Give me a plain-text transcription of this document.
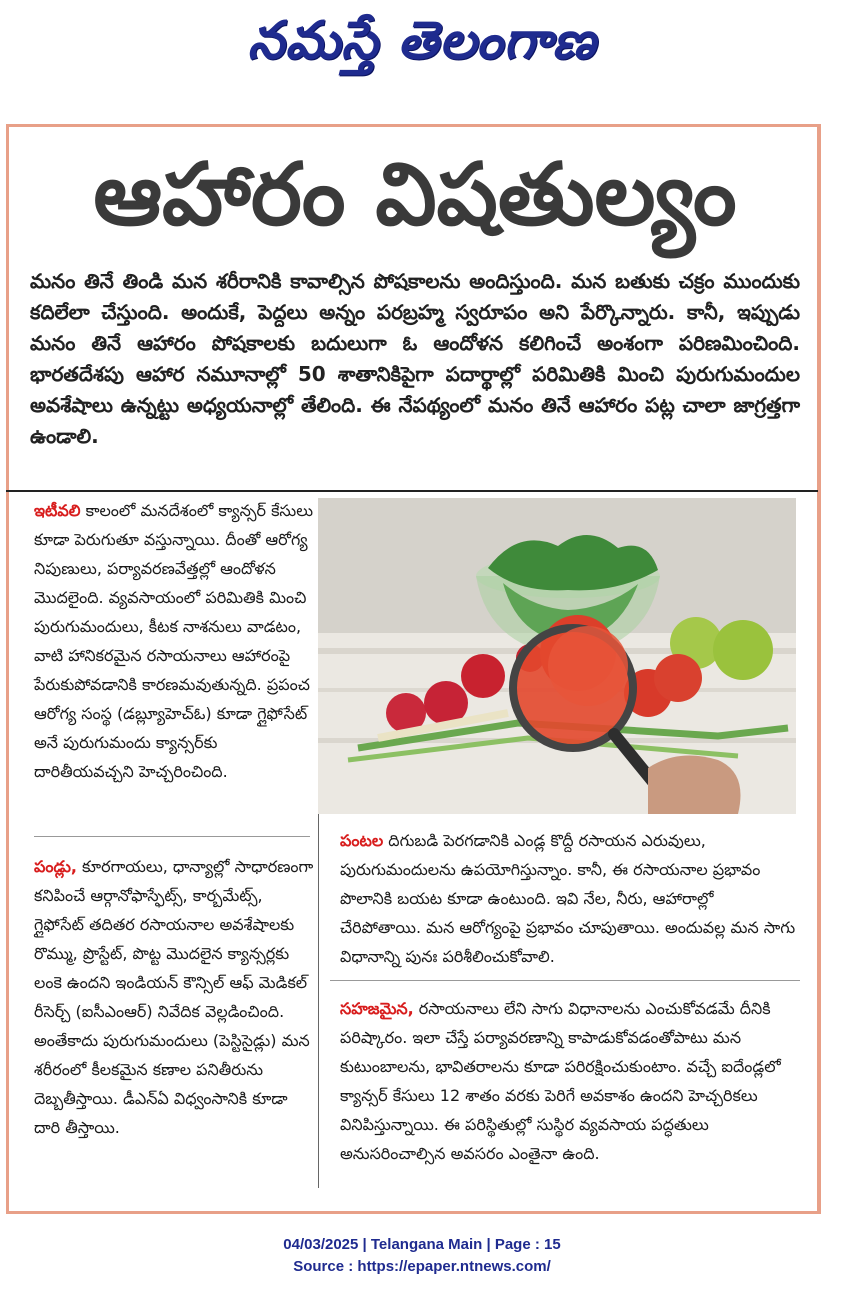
నమస్తే తెలంగాణ
ఆహారం విషతుల్యం

మనం తినే తిండి మన శరీరానికి కావాల్సిన పోషకాలను అందిస్తుంది. మన బతుకు చక్రం ముందుకు కదిలేలా చేస్తుంది. అందుకే, పెద్దలు అన్నం పరబ్రహ్మ స్వరూపం అని పేర్కొన్నారు. కానీ, ఇప్పుడు మనం తినే ఆహారం పోషకాలకు బదులుగా ఓ ఆందోళన కలిగించే అంశంగా పరిణమించింది. భారతదేశపు ఆహార నమూనాల్లో 50 శాతానికిపైగా పదార్థాల్లో పరిమితికి మించి పురుగుమందుల అవశేషాలు ఉన్నట్టు అధ్యయనాల్లో తేలింది. ఈ నేపథ్యంలో మనం తినే ఆహారం పట్ల చాలా జాగ్రత్తగా ఉండాలి.

ఇటీవలి కాలంలో మనదేశంలో క్యాన్సర్ కేసులు కూడా పెరుగుతూ వస్తున్నాయి. దీంతో ఆరోగ్య నిపుణులు, పర్యావరణవేత్తల్లో ఆందోళన మొదలైంది. వ్యవసాయంలో పరిమితికి మించి పురుగుమందులు, కీటక నాశనులు వాడటం, వాటి హానికరమైన రసాయనాలు ఆహారంపై పేరుకుపోవడానికి కారణమవుతున్నది. ప్రపంచ ఆరోగ్య సంస్థ (డబ్ల్యూహెచ్ఓ) కూడా గ్లైఫోసేట్ అనే పురుగుమందు క్యాన్సర్‌కు దారితీయవచ్చని హెచ్చరించింది.

పండ్లు, కూరగాయలు, ధాన్యాల్లో సాధారణంగా కనిపించే ఆర్గానోఫాస్ఫేట్స్, కార్బమేట్స్, గ్లైఫోసేట్ తదితర రసాయనాల అవశేషాలకు రొమ్ము, ప్రొస్టేట్, పొట్ట మొదలైన క్యాన్సర్లకు లంకె ఉందని ఇండియన్ కౌన్సిల్ ఆఫ్ మెడికల్ రీసెర్చ్ (ఐసీఎంఆర్) నివేదిక వెల్లడించింది. అంతేకాదు పురుగుమందులు (పెస్టిసైడ్లు) మన శరీరంలో కీలకమైన కణాల పనితీరును దెబ్బతీస్తాయి. డీఎన్ఏ విధ్వంసానికి కూడా దారి తీస్తాయి.

పంటల దిగుబడి పెరగడానికి ఎండ్ల కొద్దీ రసాయన ఎరువులు, పురుగుమందులను ఉపయోగిస్తున్నాం. కానీ, ఈ రసాయనాల ప్రభావం పొలానికి బయట కూడా ఉంటుంది. ఇవి నేల, నీరు, ఆహారాల్లో చేరిపోతాయి. మన ఆరోగ్యంపై ప్రభావం చూపుతాయి. అందువల్ల మన సాగు విధానాన్ని పునః పరిశీలించుకోవాలి.

సహజమైన, రసాయనాలు లేని సాగు విధానాలను ఎంచుకోవడమే దీనికి పరిష్కారం. ఇలా చేస్తే పర్యావరణాన్ని కాపాడుకోవడంతోపాటు మన కుటుంబాలను, భావితరాలను కూడా పరిరక్షించుకుంటాం. వచ్చే ఐదేండ్లలో క్యాన్సర్ కేసులు 12 శాతం వరకు పెరిగే అవకాశం ఉందని హెచ్చరికలు వినిపిస్తున్నాయి. ఈ పరిస్థితుల్లో సుస్థిర వ్యవసాయ పద్ధతులు అనుసరించాల్సిన అవసరం ఎంతైనా ఉంది.

04/03/2025 | Telangana Main | Page : 15
Source : https://epaper.ntnews.com/
